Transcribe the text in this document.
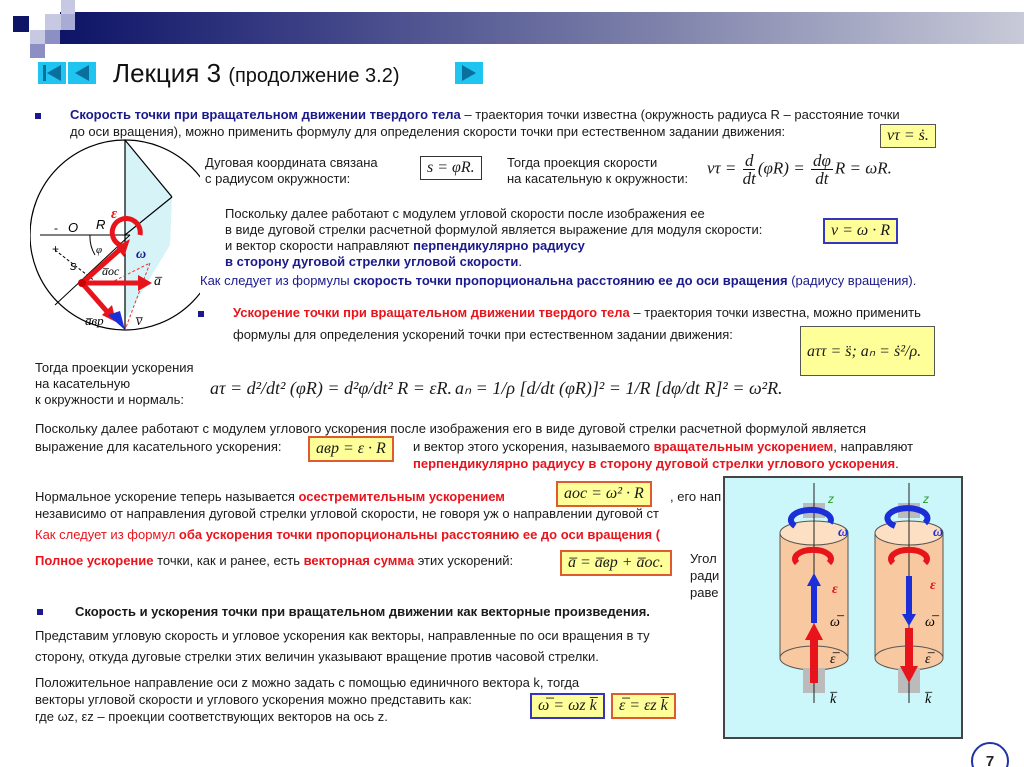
Лекция 3 (продолжение 3.2)
Скорость точки при вращательном движении твердого тела – траектория точки известна (окружность радиуса R – расстояние точки
до оси вращения), можно применить формулу для определения скорости точки при естественном задании движения:	vτ = ṡ.
Дуговая координата связана
с радиусом окружности:
s = φR.	Тогда проекция скорости
на касательную к окружности:
$v\tau = \frac{d}{dt} (\varphi R) = \frac{d\varphi}{dt}$ R = ωR.
Поскольку далее работают с модулем угловой скорости после изображения ее
в виде дуговой стрелки расчетной формулой является выражение для модуля скорости:	v = ω · R
и вектор скорости направляют перпендикулярно радиусу
в сторону дуговой стрелки угловой скорости.
Как следует из формулы скорость точки пропорциональна расстоянию ее до оси вращения (радиусу вращения).
ε
ω
O R
-
+	φ
s a̅ос
a̅
a̅вр v̅
Ускорение точки при вращательном движении твердого тела – траектория точки известна, можно применить
формулы для определения ускорений точки при естественном задании движения:
aττ = s̈; aₙ = ṡ²/ρ.
Тогда проекции ускорения
на касательную
к окружности и нормаль:
aτ = d²/dt² (φR) = d²φ/dt² R = εR. aₙ = 1/ρ [d/dt (φR)]² = 1/R [dφ/dt R]² = ω²R.
Поскольку далее работают с модулем углового ускорения после изображения его в виде дуговой стрелки расчетной формулой является
выражение для касательного ускорения:	aвр = ε · R	и вектор этого ускорения, называемого вращательным ускорением, направляют
перпендикулярно радиусу в сторону дуговой стрелки углового ускорения.
Нормальное ускорение теперь называется осестремительным ускорением	aос = ω² · R	, его нап
независимо от направления дуговой стрелки угловой скорости, не говоря уж о направлении дуговой ст
Как следует из формул оба ускорения точки пропорциональны расстоянию ее до оси вращения (
Полное ускорение точки, как и ранее, есть векторная сумма этих ускорений:	a̅ = a̅вр + a̅ос.	Угол
ради
раве
Скорость и ускорения точки при вращательном движении как векторные произведения.
Представим угловую скорость и угловое ускорения как векторы, направленные по оси вращения в ту
сторону, откуда дуговые стрелки этих величин указывают вращение против часовой стрелки.
Положительное направление оси z можно задать с помощью единичного вектора k, тогда
векторы угловой скорости и углового ускорения можно представить как:
где ωz, εz – проекции соответствующих векторов на ось z.
ω̅ = ωz k̅	ε̅ = εz k̅
z	z
ω	ω
ε	ε
ω̅	ω̅
ε̅	ε̅
k̅	k̅
7
